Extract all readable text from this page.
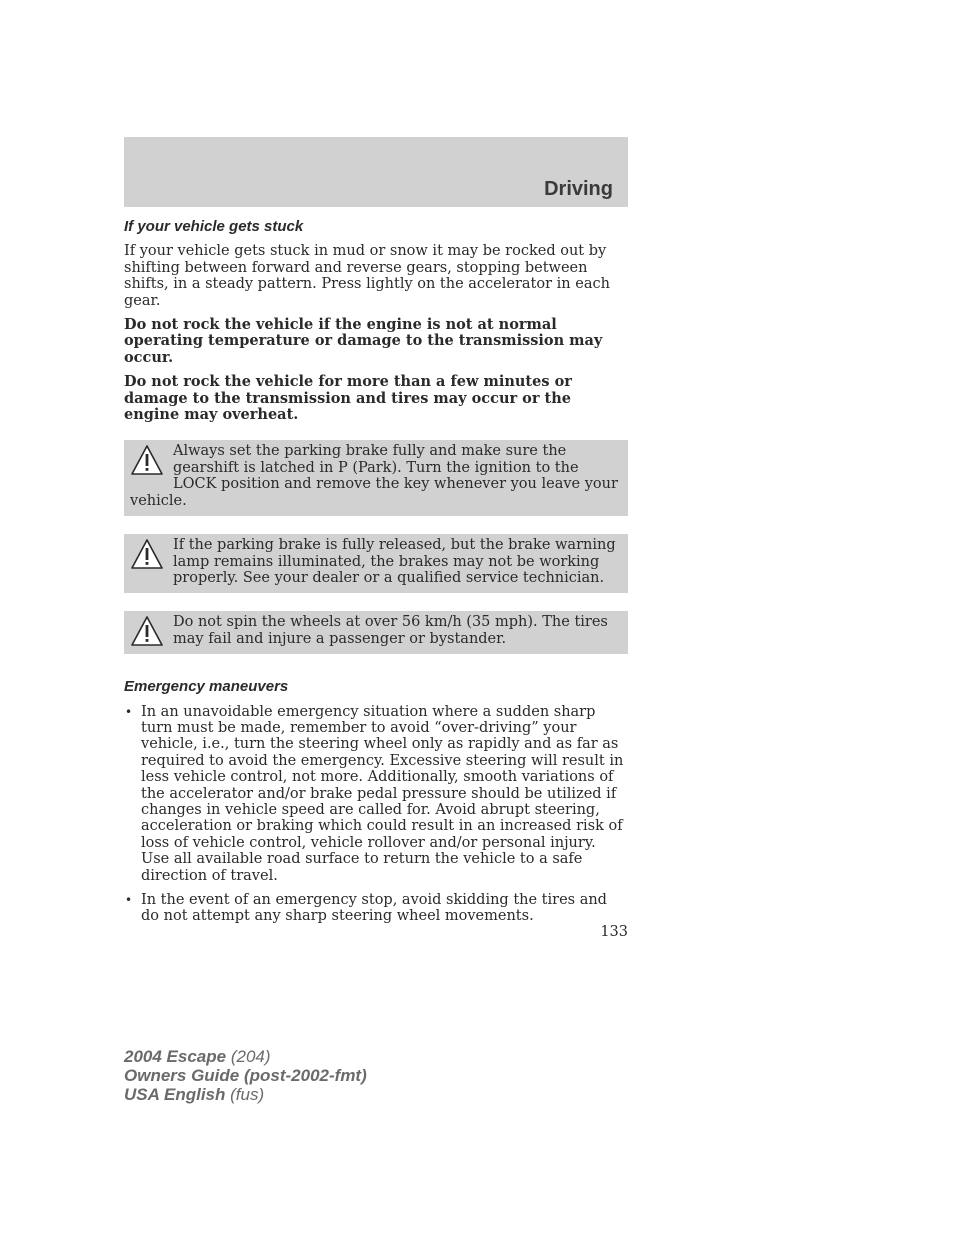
Driving
If your vehicle gets stuck

If your vehicle gets stuck in mud or snow it may be rocked out by shifting between forward and reverse gears, stopping between shifts, in a steady pattern. Press lightly on the accelerator in each gear.

Do not rock the vehicle if the engine is not at normal operating temperature or damage to the transmission may occur.

Do not rock the vehicle for more than a few minutes or damage to the transmission and tires may occur or the engine may overheat.

Always set the parking brake fully and make sure the gearshift is latched in P (Park). Turn the ignition to the LOCK position and remove the key whenever you leave your vehicle.

If the parking brake is fully released, but the brake warning lamp remains illuminated, the brakes may not be working properly. See your dealer or a qualified service technician.

Do not spin the wheels at over 56 km/h (35 mph). The tires may fail and injure a passenger or bystander.

Emergency maneuvers
• In an unavoidable emergency situation where a sudden sharp turn must be made, remember to avoid “over-driving” your vehicle, i.e., turn the steering wheel only as rapidly and as far as required to avoid the emergency. Excessive steering will result in less vehicle control, not more. Additionally, smooth variations of the accelerator and/or brake pedal pressure should be utilized if changes in vehicle speed are called for. Avoid abrupt steering, acceleration or braking which could result in an increased risk of loss of vehicle control, vehicle rollover and/or personal injury. Use all available road surface to return the vehicle to a safe direction of travel.
• In the event of an emergency stop, avoid skidding the tires and do not attempt any sharp steering wheel movements.
133
2004 Escape (204)
Owners Guide (post-2002-fmt)
USA English (fus)
